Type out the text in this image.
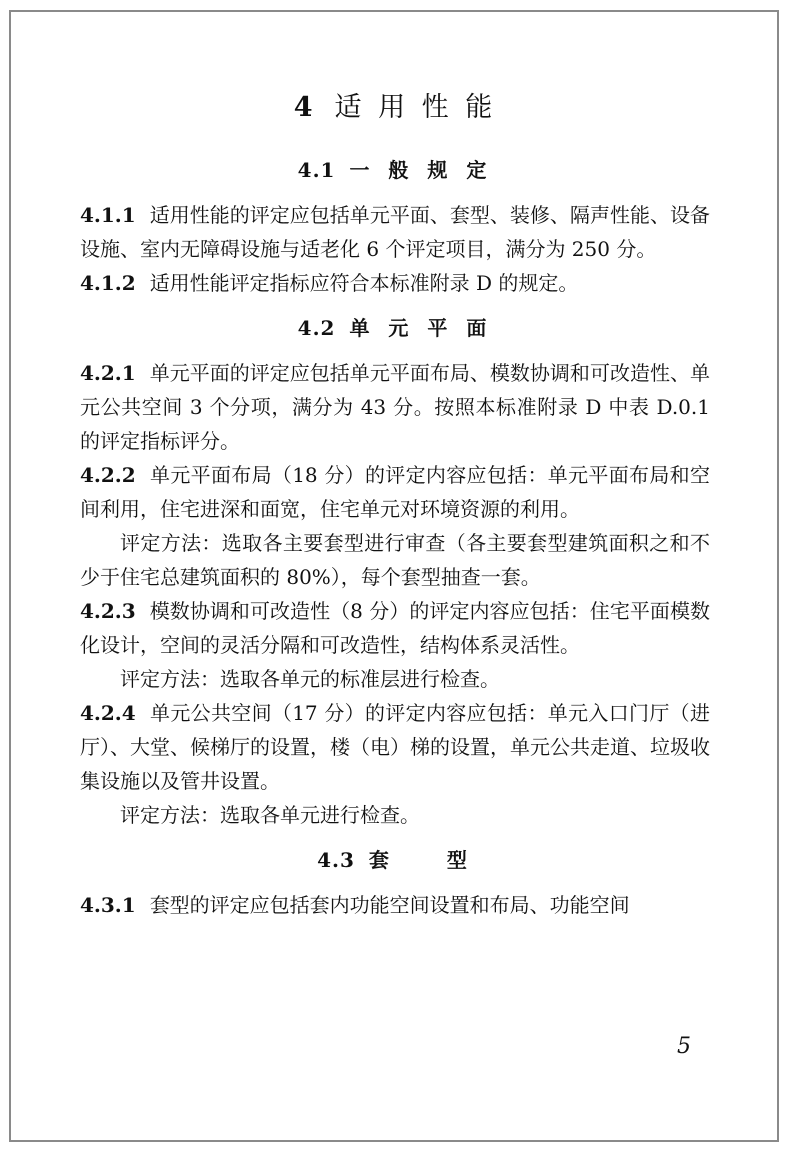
4 适 用 性 能
4.1 一 般 规 定

4.1.1 适用性能的评定应包括单元平面、套型、装修、隔声性能、设备设施、室内无障碍设施与适老化 6 个评定项目，满分为 250 分。

4.1.2 适用性能评定指标应符合本标准附录 D 的规定。

4.2 单 元 平 面

4.2.1 单元平面的评定应包括单元平面布局、模数协调和可改造性、单元公共空间 3 个分项，满分为 43 分。按照本标准附录 D 中表 D.0.1 的评定指标评分。

4.2.2 单元平面布局（18 分）的评定内容应包括：单元平面布局和空间利用，住宅进深和面宽，住宅单元对环境资源的利用。

评定方法：选取各主要套型进行审查（各主要套型建筑面积之和不少于住宅总建筑面积的 80%），每个套型抽查一套。

4.2.3 模数协调和可改造性（8 分）的评定内容应包括：住宅平面模数化设计，空间的灵活分隔和可改造性，结构体系灵活性。

评定方法：选取各单元的标准层进行检查。

4.2.4 单元公共空间（17 分）的评定内容应包括：单元入口门厅（进厅）、大堂、候梯厅的设置，楼（电）梯的设置，单元公共走道、垃圾收集设施以及管井设置。

评定方法：选取各单元进行检查。

4.3 套　　型

4.3.1 套型的评定应包括套内功能空间设置和布局、功能空间

5
